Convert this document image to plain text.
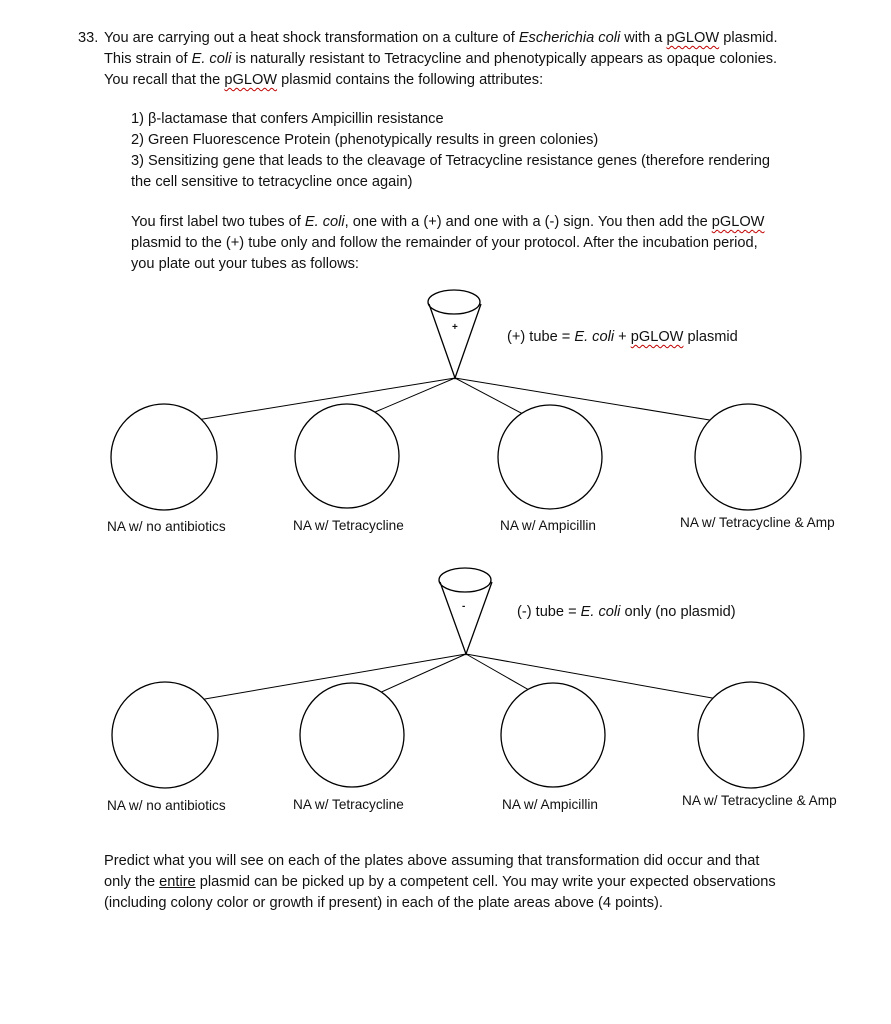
33. You are carrying out a heat shock transformation on a culture of Escherichia coli with a pGLOW plasmid.
This strain of E. coli is naturally resistant to Tetracycline and phenotypically appears as opaque colonies.
You recall that the pGLOW plasmid contains the following attributes:
1) β-lactamase that confers Ampicillin resistance
2) Green Fluorescence Protein (phenotypically results in green colonies)
3) Sensitizing gene that leads to the cleavage of Tetracycline resistance genes (therefore rendering
the cell sensitive to tetracycline once again)
You first label two tubes of E. coli, one with a (+) and one with a (-) sign. You then add the pGLOW
plasmid to the (+) tube only and follow the remainder of your protocol. After the incubation period,
you plate out your tubes as follows:
+
-
(+) tube = E. coli + pGLOW plasmid
(-) tube = E. coli only (no plasmid)
NA w/ no antibiotics	NA w/ Tetracycline	NA w/ Ampicillin	NA w/ Tetracycline & Amp
NA w/ no antibiotics	NA w/ Tetracycline	NA w/ Ampicillin	NA w/ Tetracycline & Amp
Predict what you will see on each of the plates above assuming that transformation did occur and that
only the entire plasmid can be picked up by a competent cell. You may write your expected observations
(including colony color or growth if present) in each of the plate areas above (4 points).
